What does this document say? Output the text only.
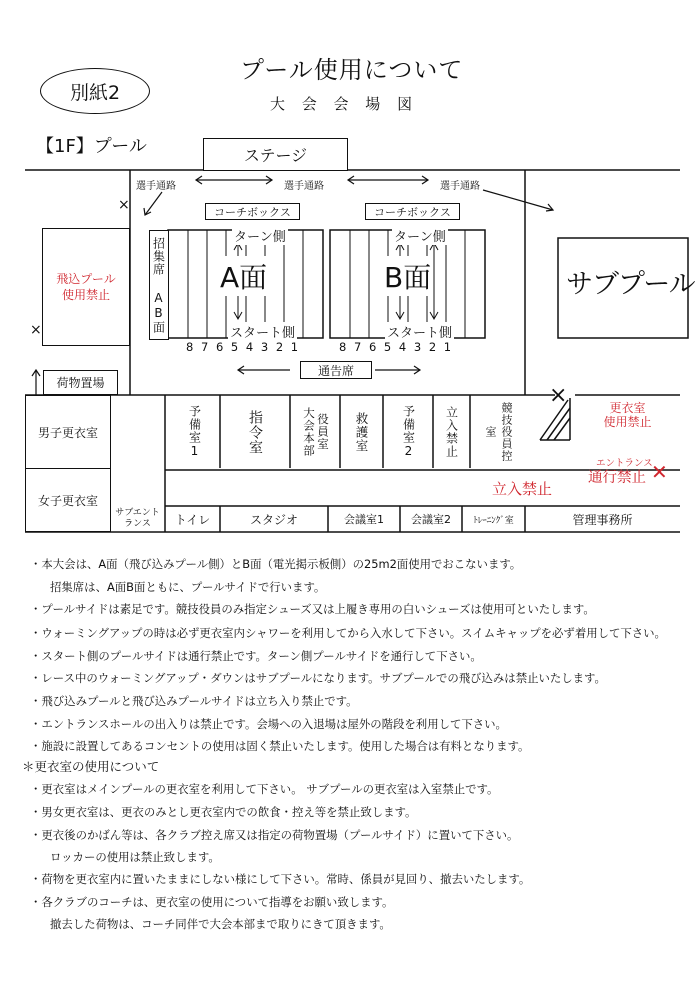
別紙2
プール使用について
大 会 会 場 図
【1F】プール	ステージ
選手通路	選手通路	選手通路
×
×
コーチボックス	コーチボックス
ターン側	ターン側
A面	B面
スタート側	スタート側
8 7 6 5 4 3 2 1	8 7 6 5 4 3 2 1
招集席 AB面
飛込プール
使用禁止	サブプール
通告席
荷物置場
男子更衣室
女子更衣室
サブエント
ランス
予備室1	指令室	役員室
大会本部	救護室	予備室2 立入禁止	競技役員控室
更衣室
使用禁止
×
エントランス
通行禁止 ✕
立入禁止
トイレ	スタジオ	会議室1	会議室2	ﾄﾚｰﾆﾝｸﾞ室	管理事務所
・本大会は、A面（飛び込みプール側）とB面（電光掲示板側）の25m2面使用でおこないます。
招集席は、A面B面ともに、プールサイドで行います。
・プールサイドは素足です。競技役員のみ指定シューズ又は上履き専用の白いシューズは使用可といたします。
・ウォーミングアップの時は必ず更衣室内シャワーを利用してから入水して下さい。スイムキャップを必ず着用して下さい。
・スタート側のプールサイドは通行禁止です。ターン側プールサイドを通行して下さい。
・レース中のウォーミングアップ・ダウンはサブプールになります。サブプールでの飛び込みは禁止いたします。
・飛び込みプールと飛び込みプールサイドは立ち入り禁止です。
・エントランスホールの出入りは禁止です。会場への入退場は屋外の階段を利用して下さい。
・施設に設置してあるコンセントの使用は固く禁止いたします。使用した場合は有料となります。
＊更衣室の使用について
・更衣室はメインプールの更衣室を利用して下さい。 サブプールの更衣室は入室禁止です。
・男女更衣室は、更衣のみとし更衣室内での飲食・控え等を禁止致します。
・更衣後のかばん等は、各クラブ控え席又は指定の荷物置場（プールサイド）に置いて下さい。
ロッカーの使用は禁止致します。
・荷物を更衣室内に置いたままにしない様にして下さい。常時、係員が見回り、撤去いたします。
・各クラブのコーチは、更衣室の使用について指導をお願い致します。
撤去した荷物は、コーチ同伴で大会本部まで取りにきて頂きます。
